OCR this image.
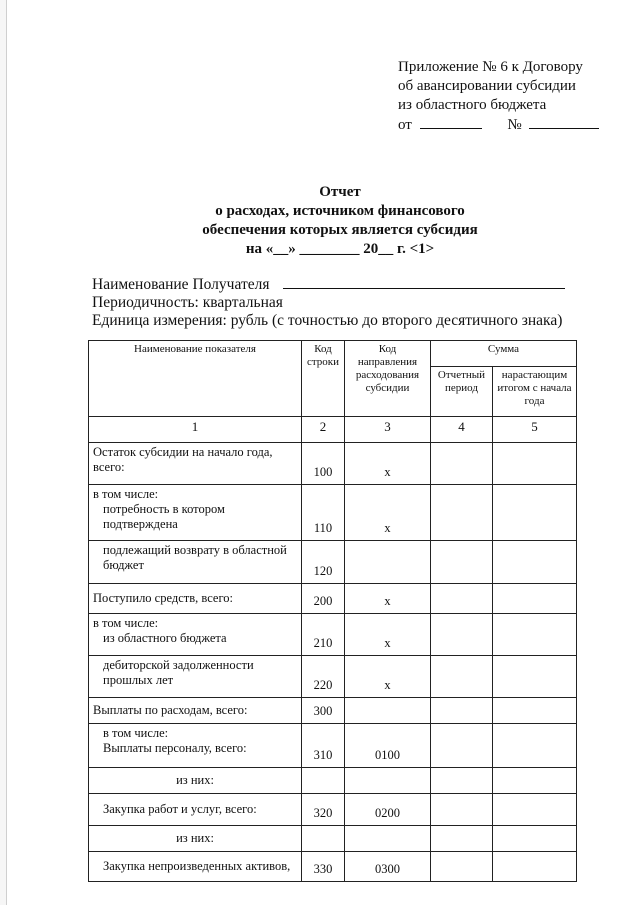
Приложение № 6 к Договору
об авансировании субсидии
из областного бюджета
от	№
Отчет
о расходах, источником финансового
обеспечения которых является субсидия
на «__» ________ 20__ г. <1>
Наименование Получателя
Периодичность: квартальная
Единица измерения: рубль (с точностью до второго десятичного знака)
Наименование показателя	Код строки	Код направления расходования субсидии	Сумма	
			Отчетный период	нарастающим итогом с начала года
1	2	3	4	5

Остаток субсидии на начало года, всего:	100	x		

в том числе:
потребность в котором подтверждена	110	x		

подлежащий возврату в областной бюджет	120			

Поступило средств, всего:	200	x		

в том числе:
из областного бюджета	210	x		

дебиторской задолженности прошлых лет	220	x		

Выплаты по расходам, всего:	300			

в том числе:
Выплаты персоналу, всего:	310	0100		

из них:				

Закупка работ и услуг, всего:	320	0200		

из них:				

Закупка непроизведенных активов,	330	0300		
